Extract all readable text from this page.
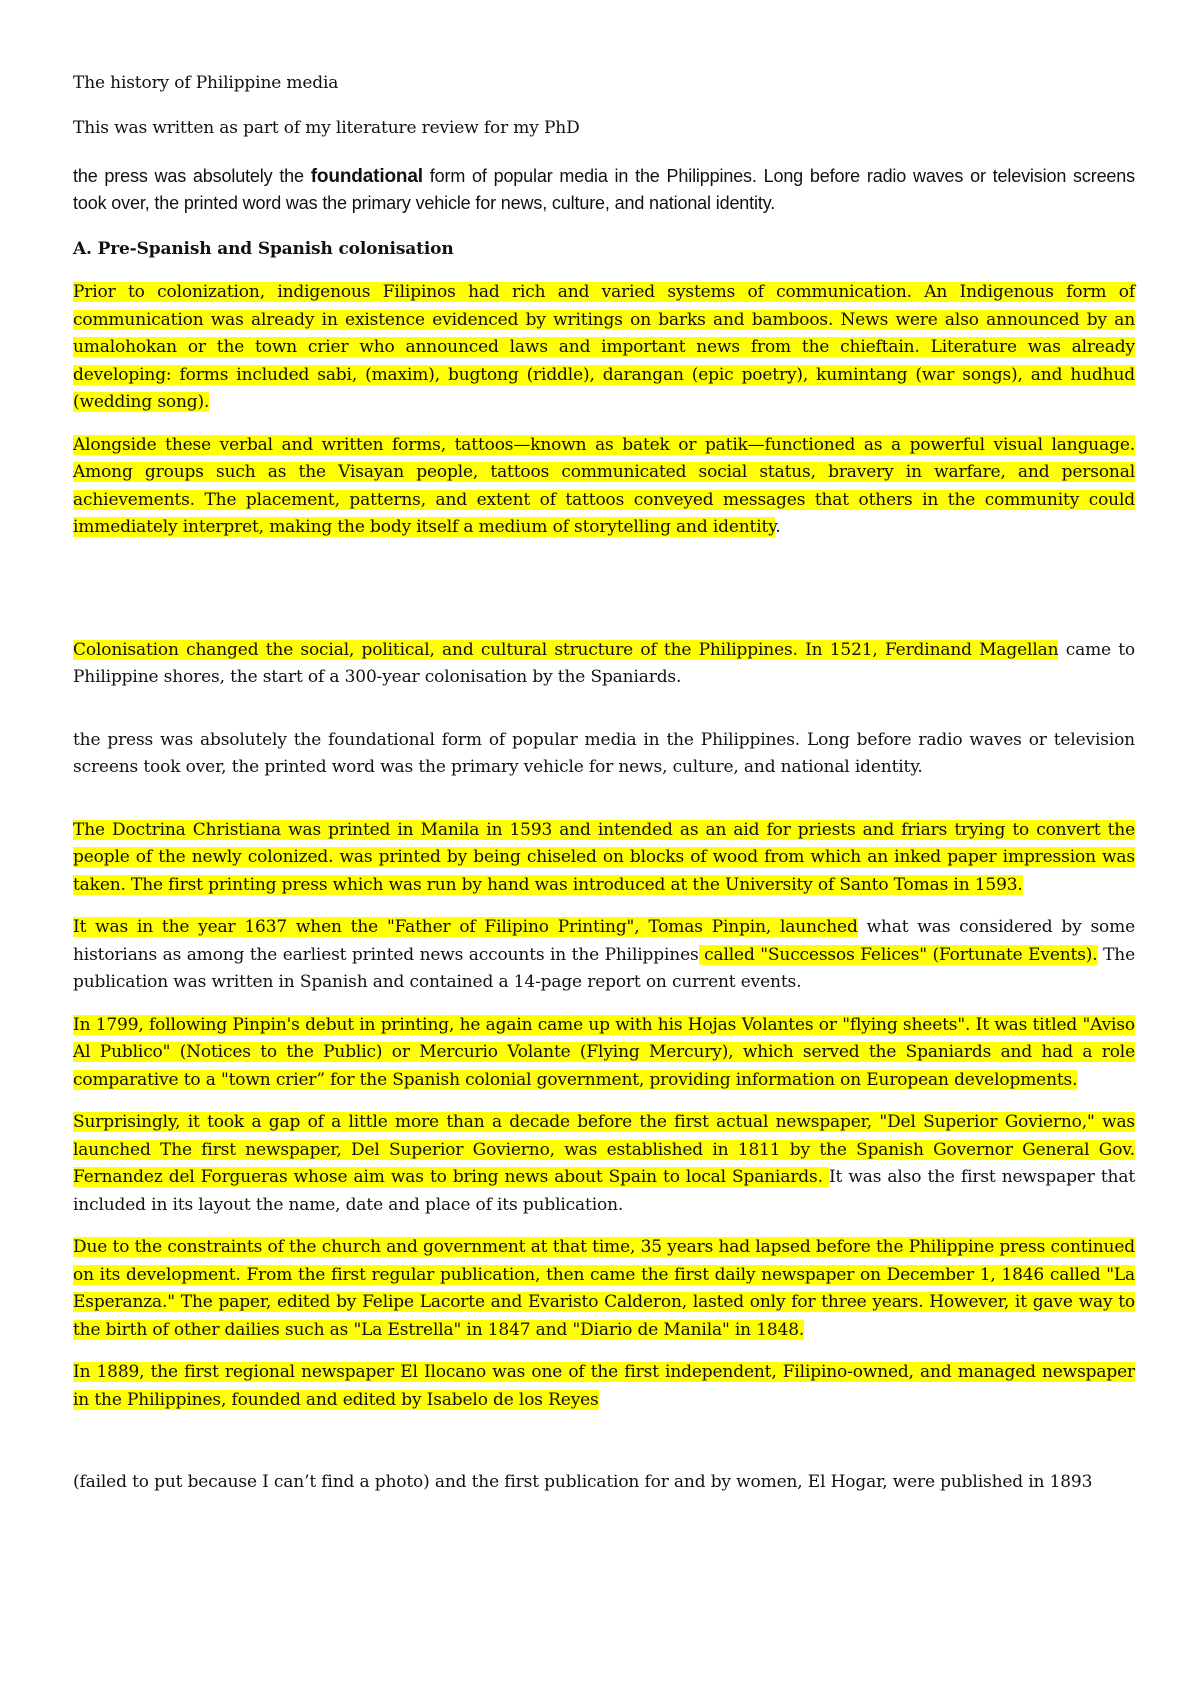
The history of Philippine media

This was written as part of my literature review for my PhD

the press was absolutely the foundational form of popular media in the Philippines. Long before radio waves or television screens took over, the printed word was the primary vehicle for news, culture, and national identity.

A. Pre-Spanish and Spanish colonisation

Prior to colonization, indigenous Filipinos had rich and varied systems of communication. An Indigenous form of communication was already in existence evidenced by writings on barks and bamboos. News were also announced by an umalohokan or the town crier who announced laws and important news from the chieftain. Literature was already developing: forms included sabi, (maxim), bugtong (riddle), darangan (epic poetry), kumintang (war songs), and hudhud (wedding song).

Alongside these verbal and written forms, tattoos—known as batek or patik—functioned as a powerful visual language. Among groups such as the Visayan people, tattoos communicated social status, bravery in warfare, and personal achievements. The placement, patterns, and extent of tattoos conveyed messages that others in the community could immediately interpret, making the body itself a medium of storytelling and identity.

Colonisation changed the social, political, and cultural structure of the Philippines. In 1521, Ferdinand Magellan came to Philippine shores, the start of a 300-year colonisation by the Spaniards.

the press was absolutely the foundational form of popular media in the Philippines. Long before radio waves or television screens took over, the printed word was the primary vehicle for news, culture, and national identity.

The Doctrina Christiana was printed in Manila in 1593 and intended as an aid for priests and friars trying to convert the people of the newly colonized. was printed by being chiseled on blocks of wood from which an inked paper impression was taken. The first printing press which was run by hand was introduced at the University of Santo Tomas in 1593.

It was in the year 1637 when the "Father of Filipino Printing", Tomas Pinpin, launched what was considered by some historians as among the earliest printed news accounts in the Philippines called "Successos Felices" (Fortunate Events). The publication was written in Spanish and contained a 14-page report on current events.

In 1799, following Pinpin's debut in printing, he again came up with his Hojas Volantes or "flying sheets". It was titled "Aviso Al Publico" (Notices to the Public) or Mercurio Volante (Flying Mercury), which served the Spaniards and had a role comparative to a "town crier” for the Spanish colonial government, providing information on European developments.

Surprisingly, it took a gap of a little more than a decade before the first actual newspaper, "Del Superior Govierno," was launched The first newspaper, Del Superior Govierno, was established in 1811 by the Spanish Governor General Gov. Fernandez del Forgueras whose aim was to bring news about Spain to local Spaniards. It was also the first newspaper that included in its layout the name, date and place of its publication.

Due to the constraints of the church and government at that time, 35 years had lapsed before the Philippine press continued on its development. From the first regular publication, then came the first daily newspaper on December 1, 1846 called "La Esperanza." The paper, edited by Felipe Lacorte and Evaristo Calderon, lasted only for three years. However, it gave way to the birth of other dailies such as "La Estrella" in 1847 and "Diario de Manila" in 1848.

In 1889, the first regional newspaper El Ilocano was one of the first independent, Filipino-owned, and managed newspaper in the Philippines, founded and edited by Isabelo de los Reyes

(failed to put because I can’t find a photo) and the first publication for and by women, El Hogar, were published in 1893
